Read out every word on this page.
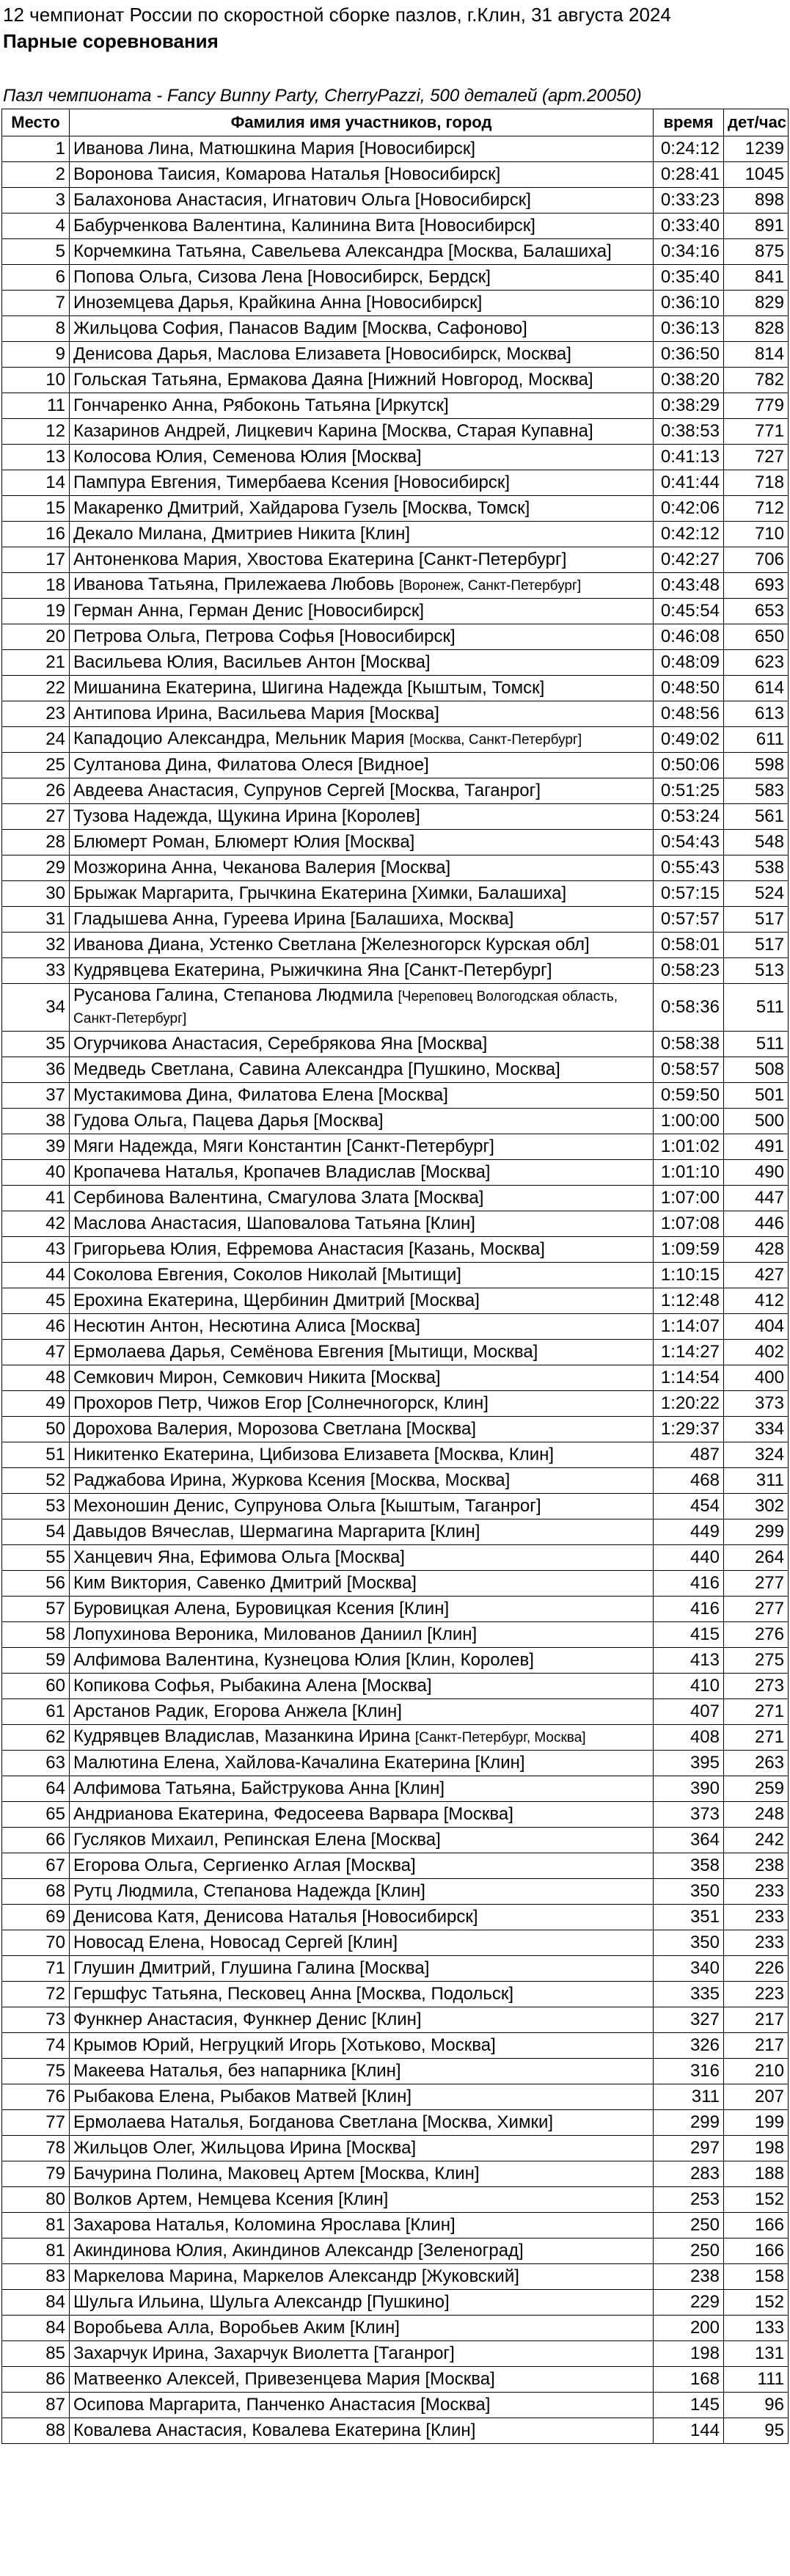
12 чемпионат России по скоростной сборке пазлов, г.Клин, 31 августа 2024
Парные соревнования
Пазл чемпионата - Fancy Bunny Party, CherryPazzi, 500 деталей (арт.20050)
Место	Фамилия имя участников, город	время	дет/час
1	Иванова Лина, Матюшкина Мария [Новосибирск]	0:24:12	1239
2	Воронова Таисия, Комарова Наталья [Новосибирск]	0:28:41	1045
3	Балахонова Анастасия, Игнатович Ольга [Новосибирск]	0:33:23	898
4	Бабурченкова Валентина, Калинина Вита [Новосибирск]	0:33:40	891
5	Корчемкина Татьяна, Савельева Александра [Москва, Балашиха]	0:34:16	875
6	Попова Ольга, Сизова Лена [Новосибирск, Бердск]	0:35:40	841
7	Иноземцева Дарья, Крайкина Анна [Новосибирск]	0:36:10	829
8	Жильцова София, Панасов Вадим [Москва, Сафоново]	0:36:13	828
9	Денисова Дарья, Маслова Елизавета [Новосибирск, Москва]	0:36:50	814
10	Гольская Татьяна, Ермакова Даяна [Нижний Новгород, Москва]	0:38:20	782
11	Гончаренко Анна, Рябоконь Татьяна [Иркутск]	0:38:29	779
12	Казаринов Андрей, Лицкевич Карина [Москва, Старая Купавна]	0:38:53	771
13	Колосова Юлия, Семенова Юлия [Москва]	0:41:13	727
14	Пампура Евгения, Тимербаева Ксения [Новосибирск]	0:41:44	718
15	Макаренко Дмитрий, Хайдарова Гузель [Москва, Томск]	0:42:06	712
16	Декало Милана, Дмитриев Никита [Клин]	0:42:12	710
17	Антоненкова Мария, Хвостова Екатерина [Санкт-Петербург]	0:42:27	706
18	Иванова Татьяна, Прилежаева Любовь [Воронеж, Санкт-Петербург]	0:43:48	693
19	Герман Анна, Герман Денис [Новосибирск]	0:45:54	653
20	Петрова Ольга, Петрова Софья [Новосибирск]	0:46:08	650
21	Васильева Юлия, Васильев Антон [Москва]	0:48:09	623
22	Мишанина Екатерина, Шигина Надежда [Кыштым, Томск]	0:48:50	614
23	Антипова Ирина, Васильева Мария [Москва]	0:48:56	613
24	Кападоцио Александра, Мельник Мария [Москва, Санкт-Петербург]	0:49:02	611
25	Султанова Дина, Филатова Олеся [Видное]	0:50:06	598
26	Авдеева Анастасия, Супрунов Сергей [Москва, Таганрог]	0:51:25	583
27	Тузова Надежда, Щукина Ирина [Королев]	0:53:24	561
28	Блюмерт Роман, Блюмерт Юлия [Москва]	0:54:43	548
29	Мозжорина Анна, Чеканова Валерия [Москва]	0:55:43	538
30	Брыжак Маргарита, Грычкина Екатерина [Химки, Балашиха]	0:57:15	524
31	Гладышева Анна, Гуреева Ирина [Балашиха, Москва]	0:57:57	517
32	Иванова Диана, Устенко Светлана [Железногорск Курская обл]	0:58:01	517
33	Кудрявцева Екатерина, Рыжичкина Яна [Санкт-Петербург]	0:58:23	513
34	Русанова Галина, Степанова Людмила [Череповец Вологодская область, Санкт-Петербург]	0:58:36	511
35	Огурчикова Анастасия, Серебрякова Яна [Москва]	0:58:38	511
36	Медведь Светлана, Савина Александра [Пушкино, Москва]	0:58:57	508
37	Мустакимова Дина, Филатова Елена [Москва]	0:59:50	501
38	Гудова Ольга, Пацева Дарья [Москва]	1:00:00	500
39	Мяги Надежда, Мяги Константин [Санкт-Петербург]	1:01:02	491
40	Кропачева Наталья, Кропачев Владислав [Москва]	1:01:10	490
41	Сербинова Валентина, Смагулова Злата [Москва]	1:07:00	447
42	Маслова Анастасия, Шаповалова Татьяна [Клин]	1:07:08	446
43	Григорьева Юлия, Ефремова Анастасия [Казань, Москва]	1:09:59	428
44	Соколова Евгения, Соколов Николай [Мытищи]	1:10:15	427
45	Ерохина Екатерина, Щербинин Дмитрий [Москва]	1:12:48	412
46	Несютин Антон, Несютина Алиса [Москва]	1:14:07	404
47	Ермолаева Дарья, Семёнова Евгения [Мытищи, Москва]	1:14:27	402
48	Семкович Мирон, Семкович Никита [Москва]	1:14:54	400
49	Прохоров Петр, Чижов Егор [Солнечногорск, Клин]	1:20:22	373
50	Дорохова Валерия, Морозова Светлана [Москва]	1:29:37	334
51	Никитенко Екатерина, Цибизова Елизавета [Москва, Клин]	487	324
52	Раджабова Ирина, Журкова Ксения [Москва, Москва]	468	311
53	Мехоношин Денис, Супрунова Ольга [Кыштым, Таганрог]	454	302
54	Давыдов Вячеслав, Шермагина Маргарита [Клин]	449	299
55	Ханцевич Яна, Ефимова Ольга [Москва]	440	264
56	Ким Виктория, Савенко Дмитрий [Москва]	416	277
57	Буровицкая Алена, Буровицкая Ксения [Клин]	416	277
58	Лопухинова Вероника, Милованов Даниил [Клин]	415	276
59	Алфимова Валентина, Кузнецова Юлия [Клин, Королев]	413	275
60	Копикова Софья, Рыбакина Алена [Москва]	410	273
61	Арстанов Радик, Егорова Анжела [Клин]	407	271
62	Кудрявцев Владислав, Мазанкина Ирина [Санкт-Петербург, Москва]	408	271
63	Малютина Елена, Хайлова-Качалина Екатерина [Клин]	395	263
64	Алфимова Татьяна, Байструкова Анна [Клин]	390	259
65	Андрианова Екатерина, Федосеева Варвара [Москва]	373	248
66	Гусляков Михаил, Репинская Елена [Москва]	364	242
67	Егорова Ольга, Сергиенко Аглая [Москва]	358	238
68	Рутц Людмила, Степанова Надежда [Клин]	350	233
69	Денисова Катя, Денисова Наталья [Новосибирск]	351	233
70	Новосад Елена, Новосад Сергей [Клин]	350	233
71	Глушин Дмитрий, Глушина Галина [Москва]	340	226
72	Гершфус Татьяна, Песковец Анна [Москва, Подольск]	335	223
73	Функнер Анастасия, Функнер Денис [Клин]	327	217
74	Крымов Юрий, Негруцкий Игорь [Хотьково, Москва]	326	217
75	Макеева Наталья, без напарника [Клин]	316	210
76	Рыбакова Елена, Рыбаков Матвей [Клин]	311	207
77	Ермолаева Наталья, Богданова Светлана [Москва, Химки]	299	199
78	Жильцов Олег, Жильцова Ирина [Москва]	297	198
79	Бачурина Полина, Маковец Артем [Москва, Клин]	283	188
80	Волков Артем, Немцева Ксения [Клин]	253	152
81	Захарова Наталья, Коломина Ярослава [Клин]	250	166
81	Акиндинова Юлия, Акиндинов Александр [Зеленоград]	250	166
83	Маркелова Марина, Маркелов Александр [Жуковский]	238	158
84	Шульга Ильина, Шульга Александр [Пушкино]	229	152
84	Воробьева Алла, Воробьев Аким [Клин]	200	133
85	Захарчук Ирина, Захарчук Виолетта [Таганрог]	198	131
86	Матвеенко Алексей, Привезенцева Мария [Москва]	168	111
87	Осипова Маргарита, Панченко Анастасия [Москва]	145	96
88	Ковалева Анастасия, Ковалева Екатерина [Клин]	144	95
